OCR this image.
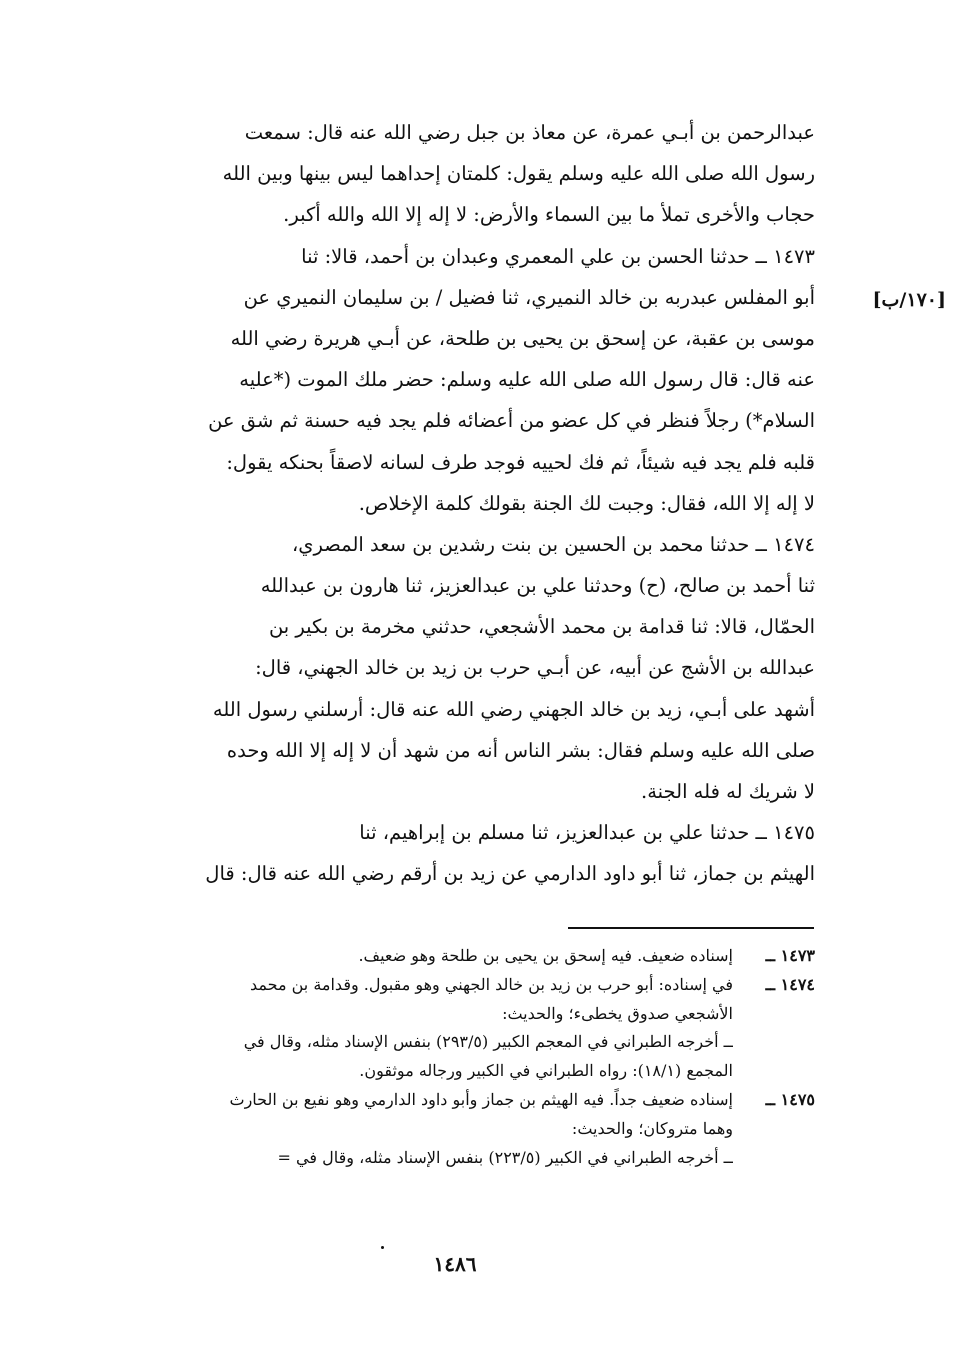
[١٧٠/ب]
عبدالرحمن بن أبـي عمرة، عن معاذ بن جبل رضي الله عنه قال: سمعت
رسول الله صلى الله عليه وسلم يقول: كلمتان إحداهما ليس بينها وبين الله
حجاب والأخرى تملأ ما بين السماء والأرض: لا إله إلا الله والله أكبر.
١٤٧٣ ــ حدثنا الحسن بن علي المعمري وعبدان بن أحمد، قالا: ثنا
أبو المفلس عبدربه بن خالد النميري، ثنا فضيل / بن سليمان النميري عن
موسى بن عقبة، عن إسحق بن يحيى بن طلحة، عن أبـي هريرة رضي الله
عنه قال: قال رسول الله صلى الله عليه وسلم: حضر ملك الموت (*عليه
السلام*) رجلاً فنظر في كل عضو من أعضائه فلم يجد فيه حسنة ثم شق عن
قلبه فلم يجد فيه شيئاً، ثم فك لحييه فوجد طرف لسانه لاصقاً بحنكه يقول:
لا إله إلا الله، فقال: وجبت لك الجنة بقولك كلمة الإخلاص.
١٤٧٤ ــ حدثنا محمد بن الحسين بن بنت رشدين بن سعد المصري،
ثنا أحمد بن صالح، (ح) وحدثنا علي بن عبدالعزيز، ثنا هارون بن عبدالله
الحمّال، قالا: ثنا قدامة بن محمد الأشجعي، حدثني مخرمة بن بكير بن
عبدالله بن الأشج عن أبيه، عن أبـي حرب بن زيد بن خالد الجهني، قال:
أشهد على أبـي، زيد بن خالد الجهني رضي الله عنه قال: أرسلني رسول الله
صلى الله عليه وسلم فقال: بشر الناس أنه من شهد أن لا إله إلا الله وحده
لا شريك له فله الجنة.
١٤٧٥ ــ حدثنا علي بن عبدالعزيز، ثنا مسلم بن إبراهيم، ثنا
الهيثم بن جماز، ثنا أبو داود الدارمي عن زيد بن أرقم رضي الله عنه قال: قال
١٤٧٣ ــ
إسناده ضعيف. فيه إسحق بن يحيى بن طلحة وهو ضعيف.
١٤٧٤ ــ
في إسناده: أبو حرب بن زيد بن خالد الجهني وهو مقبول. وقدامة بن محمد
الأشجعي صدوق يخطىء؛ والحديث:
ــ أخرجه الطبراني في المعجم الكبير (٢٩٣/٥) بنفس الإسناد مثله، وقال في
المجمع (١٨/١): رواه الطبراني في الكبير ورجاله موثقون.
١٤٧٥ ــ
إسناده ضعيف جداً. فيه الهيثم بن جماز وأبو داود الدارمي وهو نفيع بن الحارث
وهما متروكان؛ والحديث:
ــ أخرجه الطبراني في الكبير (٢٢٣/٥) بنفس الإسناد مثله، وقال في =
١٤٨٦
